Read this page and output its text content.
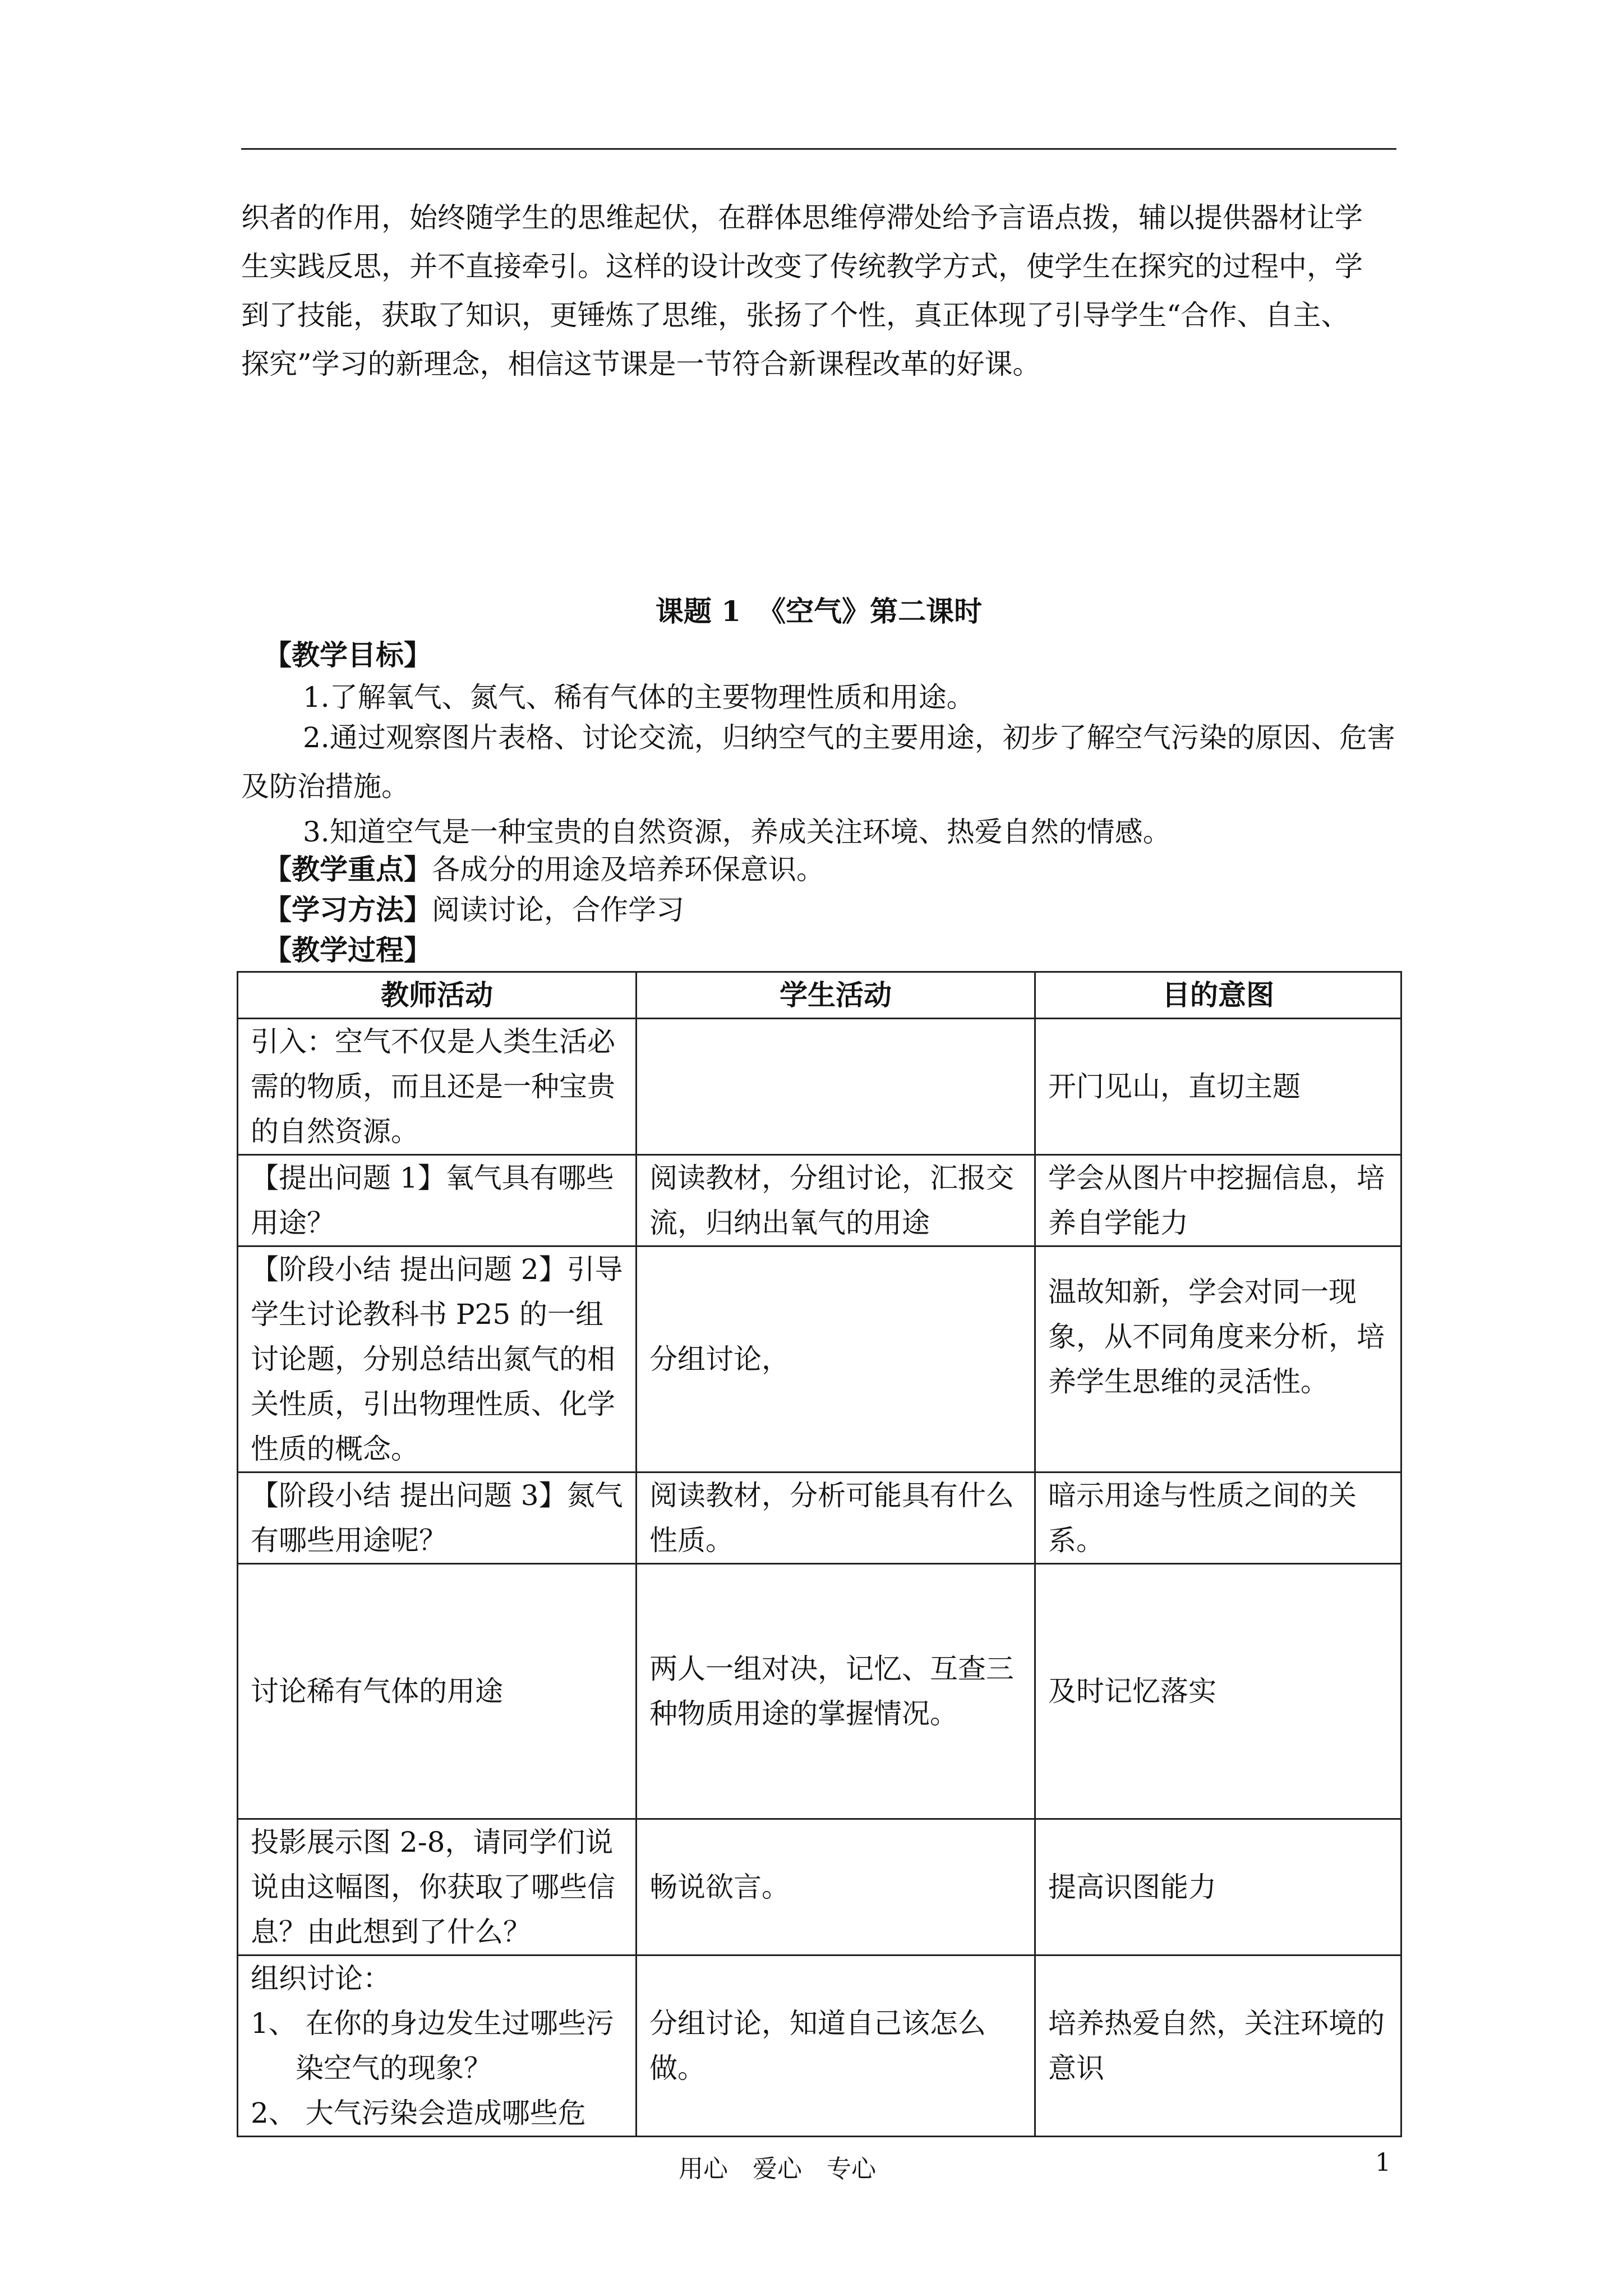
织者的作用，始终随学生的思维起伏，在群体思维停滞处给予言语点拨，辅以提供器材让学

生实践反思，并不直接牵引。这样的设计改变了传统教学方式，使学生在探究的过程中，学

到了技能，获取了知识，更锤炼了思维，张扬了个性，真正体现了引导学生“合作、自主、

探究”学习的新理念，相信这节课是一节符合新课程改革的好课。

课题 1 《空气》第二课时
【教学目标】
1.了解氧气、氮气、稀有气体的主要物理性质和用途。
2.通过观察图片表格、讨论交流，归纳空气的主要用途，初步了解空气污染的原因、危害及防治措施。
3.知道空气是一种宝贵的自然资源，养成关注环境、热爱自然的情感。
【教学重点】各成分的用途及培养环保意识。
【学习方法】阅读讨论，合作学习
【教学过程】
教师活动	学生活动	目的意图
引入：空气不仅是人类生活必需的物质，而且还是一种宝贵的自然资源。		开门见山，直切主题
【提出问题 1】氧气具有哪些用途？	阅读教材，分组讨论，汇报交流，归纳出氧气的用途	学会从图片中挖掘信息，培养自学能力
【阶段小结 提出问题 2】引导学生讨论教科书 P25 的一组讨论题，分别总结出氮气的相关性质，引出物理性质、化学性质的概念。	分组讨论，	温故知新，学会对同一现象，从不同角度来分析，培养学生思维的灵活性。
【阶段小结 提出问题 3】氮气有哪些用途呢？	阅读教材，分析可能具有什么性质。	暗示用途与性质之间的关系。
讨论稀有气体的用途	两人一组对决，记忆、互查三种物质用途的掌握情况。	及时记忆落实
投影展示图 2-8，请同学们说说由这幅图，你获取了哪些信息？由此想到了什么？	畅说欲言。	提高识图能力

组织讨论：
1、 在你的身边发生过哪些污染空气的现象？
2、 大气污染会造成哪些危	分组讨论，知道自己该怎么做。	培养热爱自然，关注环境的意识
用心　爱心　专心	1
